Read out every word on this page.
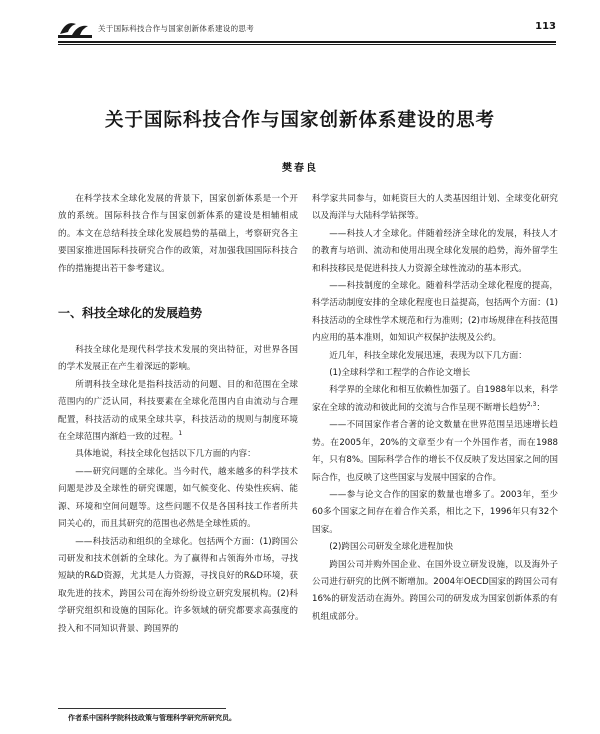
关于国际科技合作与国家创新体系建设的思考	113
关于国际科技合作与国家创新体系建设的思考
樊春良

在科学技术全球化发展的背景下，国家创新体系是一个开放的系统。国际科技合作与国家创新体系的建设是相辅相成的。本文在总结科技全球化发展趋势的基础上，考察研究各主要国家推进国际科技研究合作的政策，对加强我国国际科技合作的措施提出若干参考建议。

一、科技全球化的发展趋势

科技全球化是现代科学技术发展的突出特征，对世界各国的学术发展正在产生着深远的影响。

所谓科技全球化是指科技活动的问题、目的和范围在全球范围内的广泛认同，科技要素在全球化范围内自由流动与合理配置，科技活动的成果全球共享，科技活动的规则与制度环境在全球范围内渐趋一致的过程。$^1$

具体地说，科技全球化包括以下几方面的内容：

——研究问题的全球化。当今时代，越来越多的科学技术问题是涉及全球性的研究课题，如气候变化、传染性疾病、能源、环境和空间问题等。这些问题不仅是各国科技工作者所共同关心的，而且其研究的范围也必然是全球性质的。

——科技活动和组织的全球化。包括两个方面：(1)跨国公司研发和技术创新的全球化。为了赢得和占领海外市场，寻找短缺的R&D资源，尤其是人力资源，寻找良好的R&D环境，获取先进的技术，跨国公司在海外纷纷设立研究发展机构。(2)科学研究组织和设施的国际化。许多领域的研究都要求高强度的投入和不同知识背景、跨国界的

科学家共同参与，如耗资巨大的人类基因组计划、全球变化研究以及海洋与大陆科学钻探等。

——科技人才全球化。伴随着经济全球化的发展，科技人才的教育与培训、流动和使用出现全球化发展的趋势，海外留学生和科技移民是促进科技人力资源全球性流动的基本形式。

——科技制度的全球化。随着科学活动全球化程度的提高，科学活动制度安排的全球化程度也日益提高，包括两个方面：(1)科技活动的全球性学术规范和行为准则；(2)市场规律在科技范围内应用的基本准则，如知识产权保护法规及公约。

近几年，科技全球化发展迅速，表现为以下几方面：

(1)全球科学和工程学的合作论文增长

科学界的全球化和相互依赖性加强了。自1988年以来，科学家在全球的流动和彼此间的交流与合作呈现不断增长趋势$^{2,3}$：

——不同国家作者合著的论文数量在世界范围呈迅速增长趋势。在2005年，20%的文章至少有一个外国作者，而在1988年，只有8%。国际科学合作的增长不仅反映了发达国家之间的国际合作，也反映了这些国家与发展中国家的合作。

——参与论文合作的国家的数量也增多了。2003年，至少60多个国家之间存在着合作关系，相比之下，1996年只有32个国家。

(2)跨国公司研发全球化进程加快

跨国公司并购外国企业、在国外设立研发设施，以及海外子公司进行研究的比例不断增加。2004年OECD国家的跨国公司有16%的研发活动在海外。跨国公司的研发成为国家创新体系的有机组成部分。

作者系中国科学院科技政策与管理科学研究所研究员。
